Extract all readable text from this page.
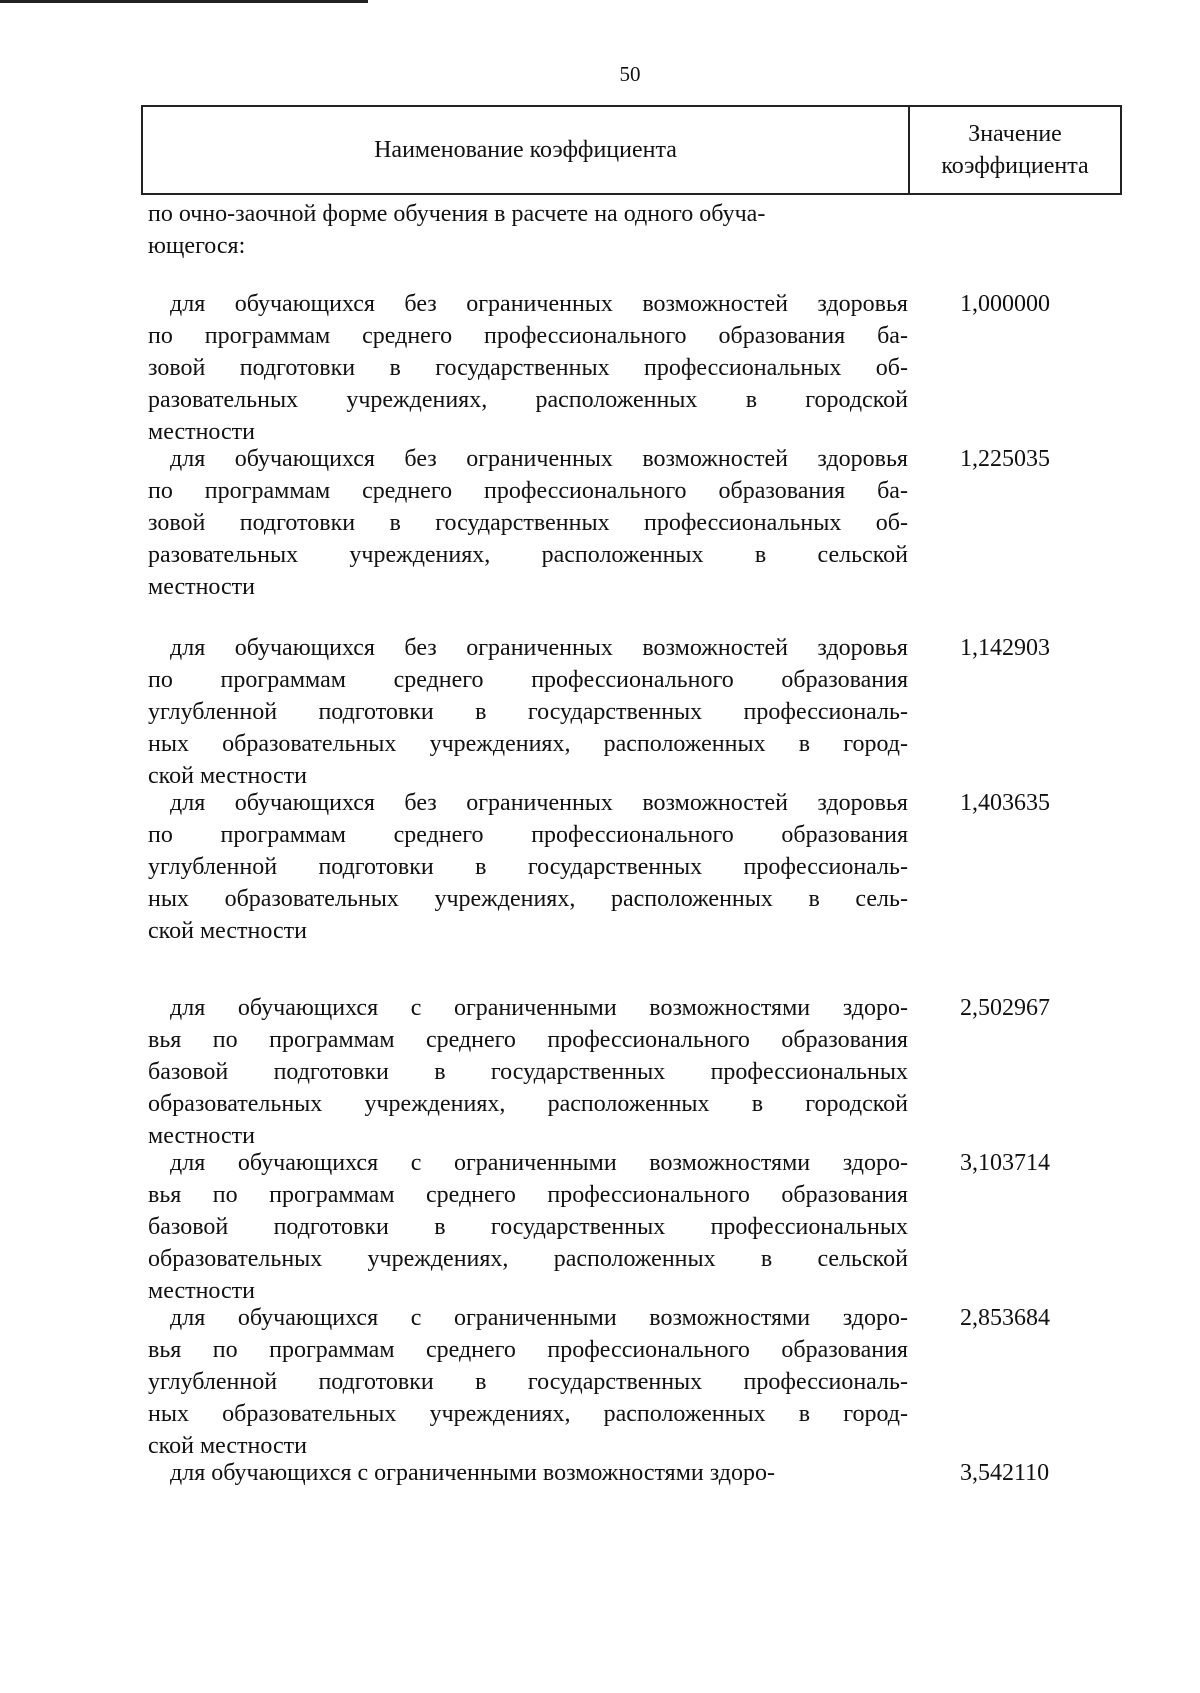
50
Наименование коэффициента
Значение
коэффициента
по очно-заочной форме обучения в расчете на одного обуча-
ющегося:
для обучающихся без ограниченных возможностей здоровья
по программам среднего профессионального образования ба-
зовой подготовки в государственных профессиональных об-
разовательных учреждениях, расположенных в городской
местности
1,000000
для обучающихся без ограниченных возможностей здоровья
по программам среднего профессионального образования ба-
зовой подготовки в государственных профессиональных об-
разовательных учреждениях, расположенных в сельской
местности
1,225035
для обучающихся без ограниченных возможностей здоровья
по программам среднего профессионального образования
углубленной подготовки в государственных профессиональ-
ных образовательных учреждениях, расположенных в город-
ской местности
1,142903
для обучающихся без ограниченных возможностей здоровья
по программам среднего профессионального образования
углубленной подготовки в государственных профессиональ-
ных образовательных учреждениях, расположенных в сель-
ской местности
1,403635
для обучающихся с ограниченными возможностями здоро-
вья по программам среднего профессионального образования
базовой подготовки в государственных профессиональных
образовательных учреждениях, расположенных в городской
местности
2,502967
для обучающихся с ограниченными возможностями здоро-
вья по программам среднего профессионального образования
базовой подготовки в государственных профессиональных
образовательных учреждениях, расположенных в сельской
местности
3,103714
для обучающихся с ограниченными возможностями здоро-
вья по программам среднего профессионального образования
углубленной подготовки в государственных профессиональ-
ных образовательных учреждениях, расположенных в город-
ской местности
2,853684
для обучающихся с ограниченными возможностями здоро-	3,542110
